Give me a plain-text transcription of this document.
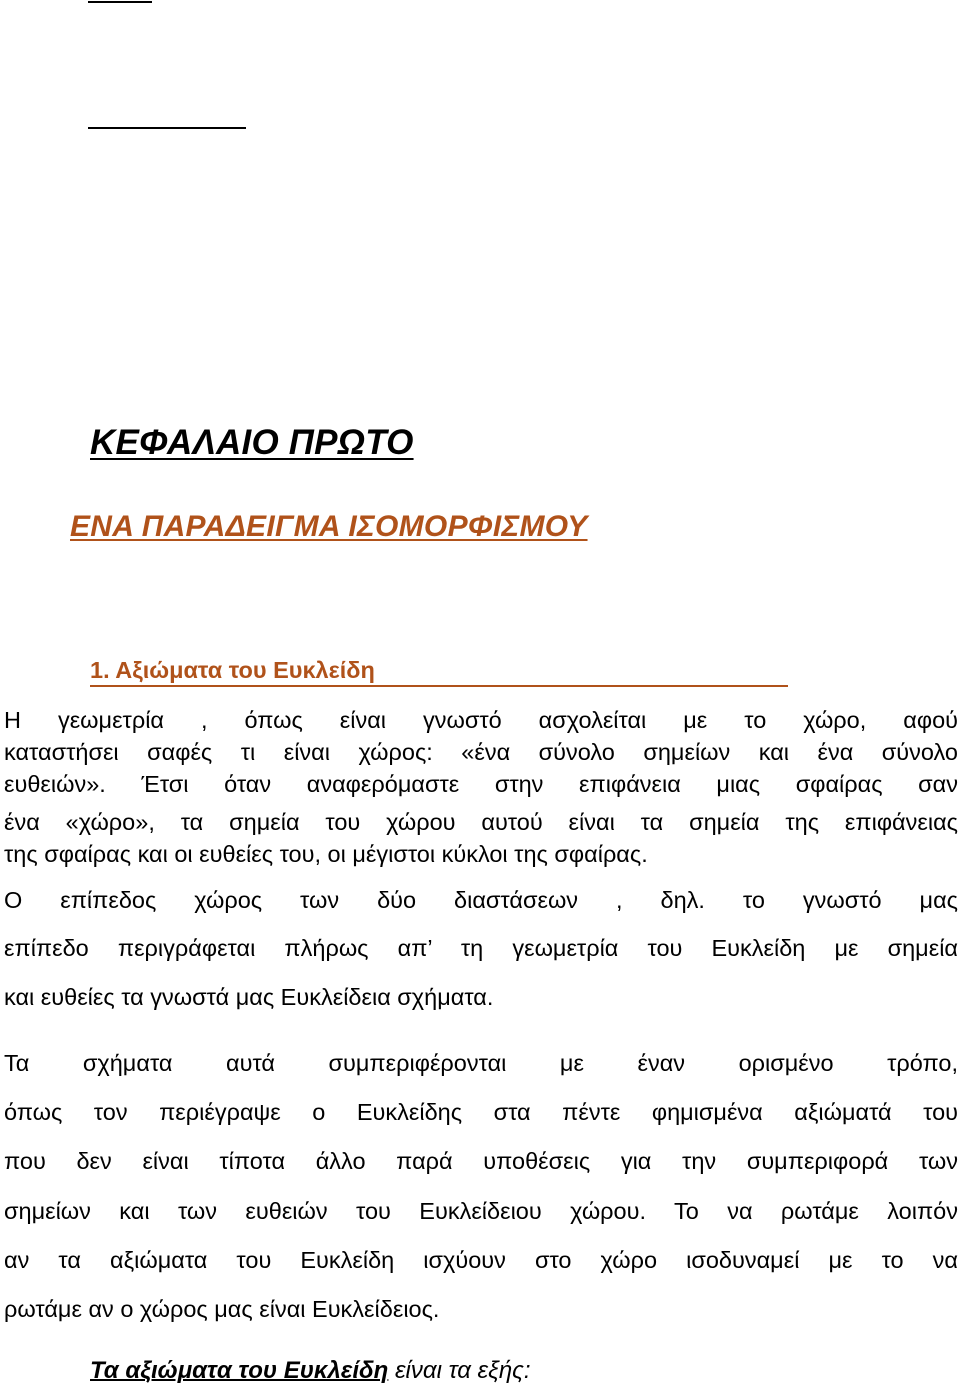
ΚΕΦΑΛΑΙΟ ΠΡΩΤΟ
ΕΝΑ ΠΑΡΑΔΕΙΓΜΑ ΙΣΟΜΟΡΦΙΣΜΟΥ
1. Αξιώματα του Ευκλείδη

Η γεωμετρία , όπως είναι γνωστό ασχολείται με το χώρο, αφού

καταστήσει σαφές τι είναι χώρος: «ένα σύνολο σημείων και ένα σύνολο

ευθειών». Έτσι όταν αναφερόμαστε στην επιφάνεια μιας σφαίρας σαν

ένα «χώρο», τα σημεία του χώρου αυτού είναι τα σημεία της επιφάνειας

της σφαίρας και οι ευθείες του, οι μέγιστοι κύκλοι της σφαίρας.

Ο επίπεδος χώρος των δύο διαστάσεων , δηλ. το γνωστό μας

επίπεδο περιγράφεται πλήρως απ’ τη γεωμετρία του Ευκλείδη με σημεία

και ευθείες τα γνωστά μας Ευκλείδεια σχήματα.

Τα σχήματα αυτά συμπεριφέρονται με έναν ορισμένο τρόπο,

όπως τον περιέγραψε ο Ευκλείδης στα πέντε φημισμένα αξιώματά του

που δεν είναι τίποτα άλλο παρά υποθέσεις για την συμπεριφορά των

σημείων και των ευθειών του Ευκλείδειου χώρου. Το να ρωτάμε λοιπόν

αν τα αξιώματα του Ευκλείδη ισχύουν στο χώρο ισοδυναμεί με το να

ρωτάμε αν ο χώρος μας είναι Ευκλείδειος.

Τα αξιώματα του Ευκλείδη είναι τα εξής:
